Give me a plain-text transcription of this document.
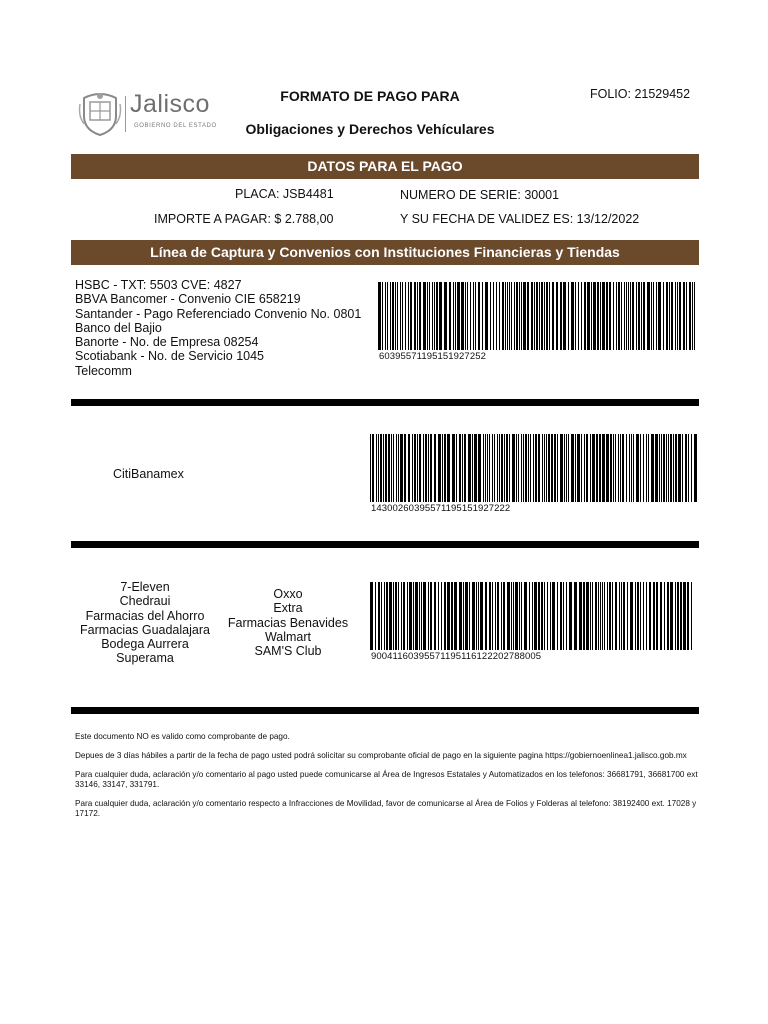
Jalisco
GOBIERNO DEL ESTADO
FORMATO DE PAGO PARA
Obligaciones y Derechos Vehículares
FOLIO: 21529452
DATOS PARA EL PAGO
PLACA: JSB4481	NUMERO DE SERIE: 30001
IMPORTE A PAGAR: $ 2.788,00	Y SU FECHA DE VALIDEZ ES: 13/12/2022
Línea de Captura y Convenios con Instituciones Financieras y Tiendas
HSBC - TXT: 5503 CVE: 4827
BBVA Bancomer - Convenio CIE 658219
Santander - Pago Referenciado Convenio No. 0801
Banco del Bajio
Banorte - No. de Empresa 08254
Scotiabank - No. de Servicio 1045
Telecomm
603955711951519272​52
CitiBanamex
143002603955711951519272​22
7-Eleven
Chedraui
Farmacias del Ahorro
Farmacias Guadalajara
Bodega Aurrera
Superama
Oxxo
Extra
Farmacias Benavides
Walmart
SAM'S Club	900411603955711951161222027880​05

Este documento NO es valido como comprobante de pago.

Depues de 3 días hábiles a partir de la fecha de pago usted podrá solicitar su comprobante oficial de pago en la siguiente pagina https://gobiernoenlinea1.jalisco.gob.mx

Para cualquier duda, aclaración y/o comentario al pago usted puede comunicarse al Área de Ingresos Estatales y Automatizados en los telefonos: 36681791, 36681700 ext 33146, 33147, 331791.

Para cualquier duda, aclaración y/o comentario respecto a Infracciones de Movilidad, favor de comunicarse al Área de Folios y Folderas al telefono: 38192400 ext. 17028 y 17172.
